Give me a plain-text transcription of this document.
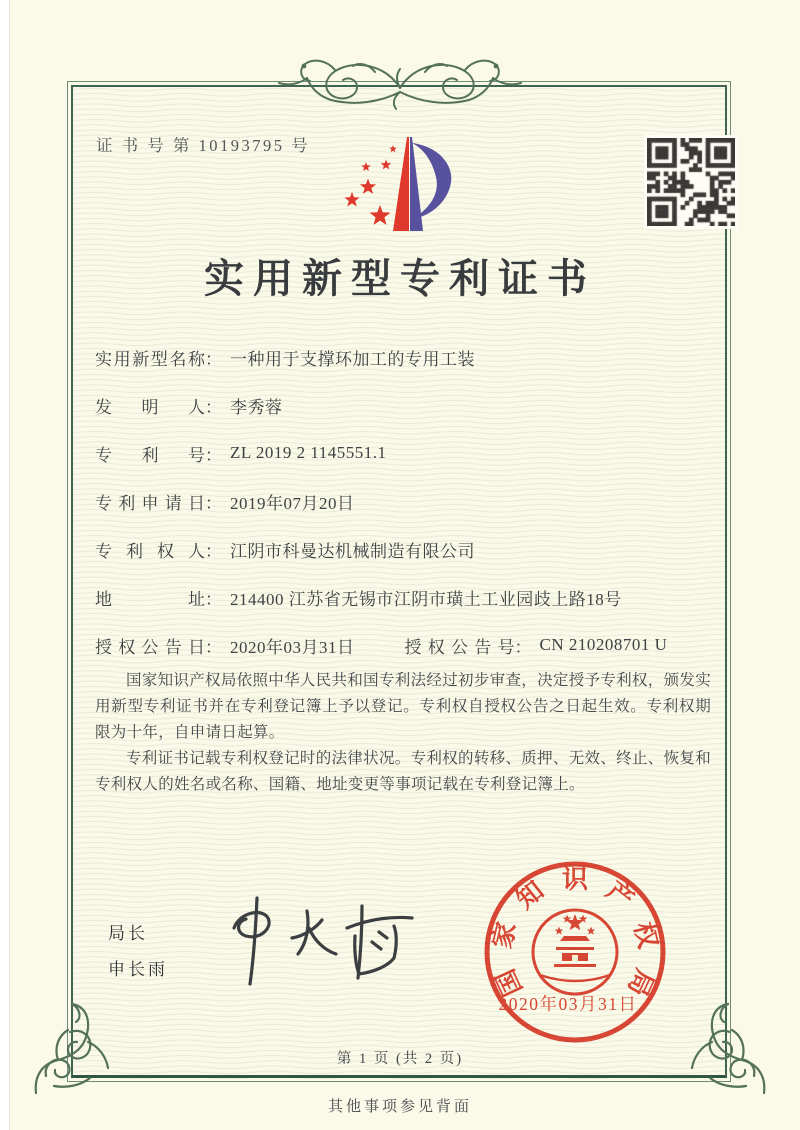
证 书 号 第 10193795 号
实用新型专利证书
实 用 新 型 名 称 ： 一种用于支撑环加工的专用工装
发 明 人 ： 李秀蓉
专 利 号 ： ZL 2019 2 1145551.1
专 利 申 请 日 ： 2019年07月20日
专 利 权 人 ： 江阴市科曼达机械制造有限公司
地	址 ： 214400 江苏省无锡市江阴市璜土工业园歧上路18号
授 权 公 告 日 ： 2020年03月31日	授 权 公 告 号 ： CN 210208701 U

国家知识产权局依照中华人民共和国专利法经过初步审查，决定授予专利权，颁发实用新型专利证书并在专利登记簿上予以登记。专利权自授权公告之日起生效。专利权期限为十年，自申请日起算。

专利证书记载专利权登记时的法律状况。专利权的转移、质押、无效、终止、恢复和专利权人的姓名或名称、国籍、地址变更等事项记载在专利登记簿上。

局长
申长雨	国
家
知 识 产
权
局
2020年03月31日
第 1 页 (共 2 页)
其他事项参见背面
